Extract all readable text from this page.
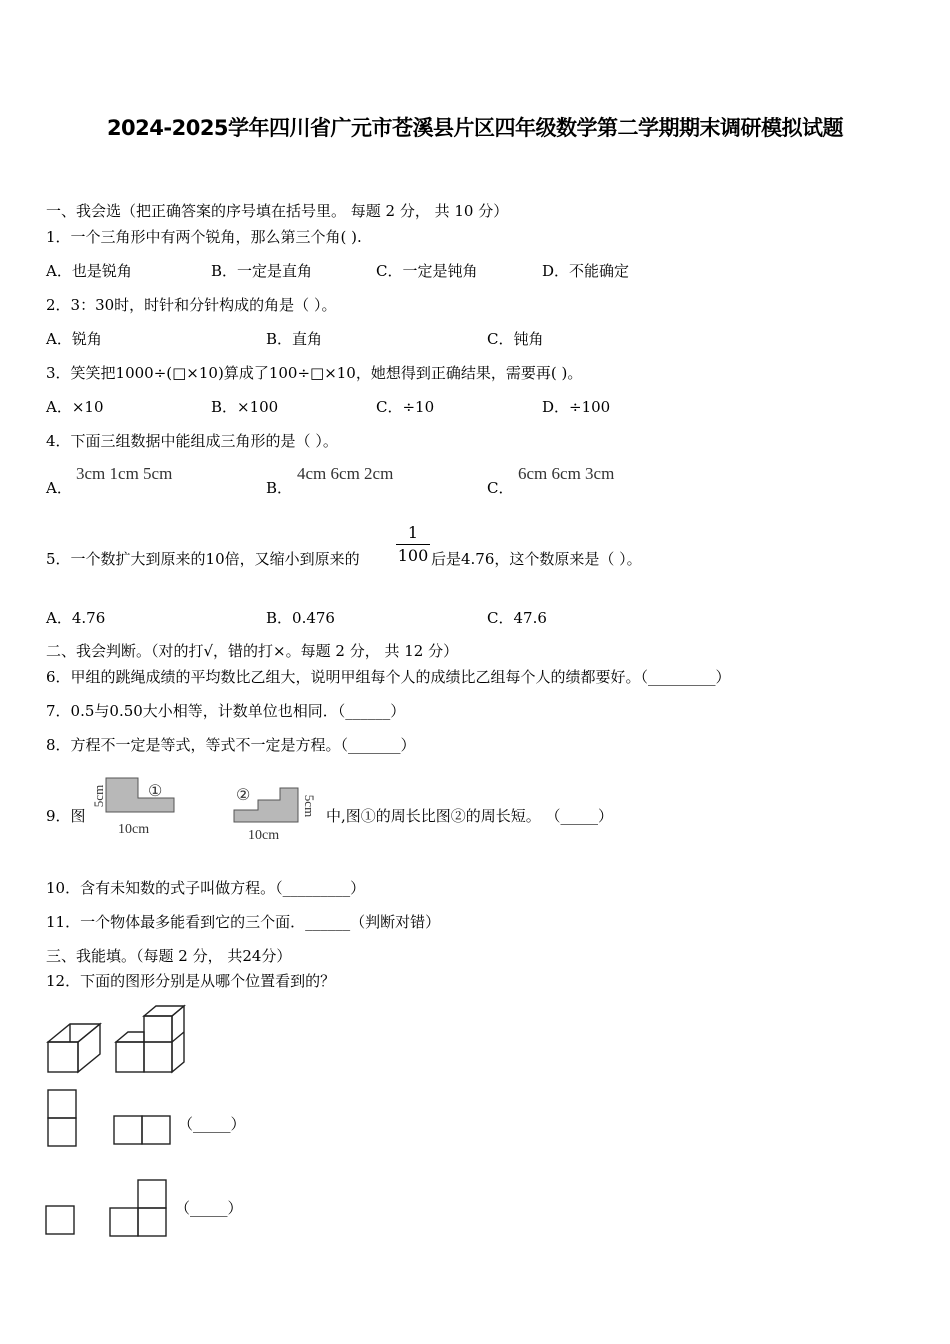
2024-2025学年四川省广元市苍溪县片区四年级数学第二学期期末调研模拟试题
一、我会选（把正确答案的序号填在括号里。 每题 2 分， 共 10 分）
1．一个三角形中有两个锐角，那么第三个角( ).
A．也是锐角	B．一定是直角	C．一定是钝角	D．不能确定
2．3：30时，时针和分针构成的角是（ ）。
A．锐角	B．直角	C．钝角
3．笑笑把1000÷(□×10)算成了100÷□×10，她想得到正确结果，需要再( )。
A．×10	B．×100	C．÷10	D．÷100
4．下面三组数据中能组成三角形的是（ ）。
A．
3cm 1cm 5cm
B．
4cm 6cm 2cm
C．
6cm 6cm 3cm
5．一个数扩大到原来的10倍，又缩小到原来的
1
100 后是4.76，这个数原来是（ ）。
A．4.76	B．0.476	C．47.6
二、我会判断。（对的打√，错的打×。每题 2 分， 共 12 分）
6．甲组的跳绳成绩的平均数比乙组大，说明甲组每个人的成绩比乙组每个人的绩都要好。（_________）
7．0.5与0.50大小相等，计数单位也相同．（______）
8．方程不一定是等式，等式不一定是方程。（_______）
9．图
①
5cm
10cm
②	5cm
10cm
中,图①的周长比图②的周长短。 （_____）
10．含有未知数的式子叫做方程。（_________）
11．一个物体最多能看到它的三个面．______（判断对错）
三、我能填。（每题 2 分， 共24分）
12．下面的图形分别是从哪个位置看到的？
（_____）
（_____）
